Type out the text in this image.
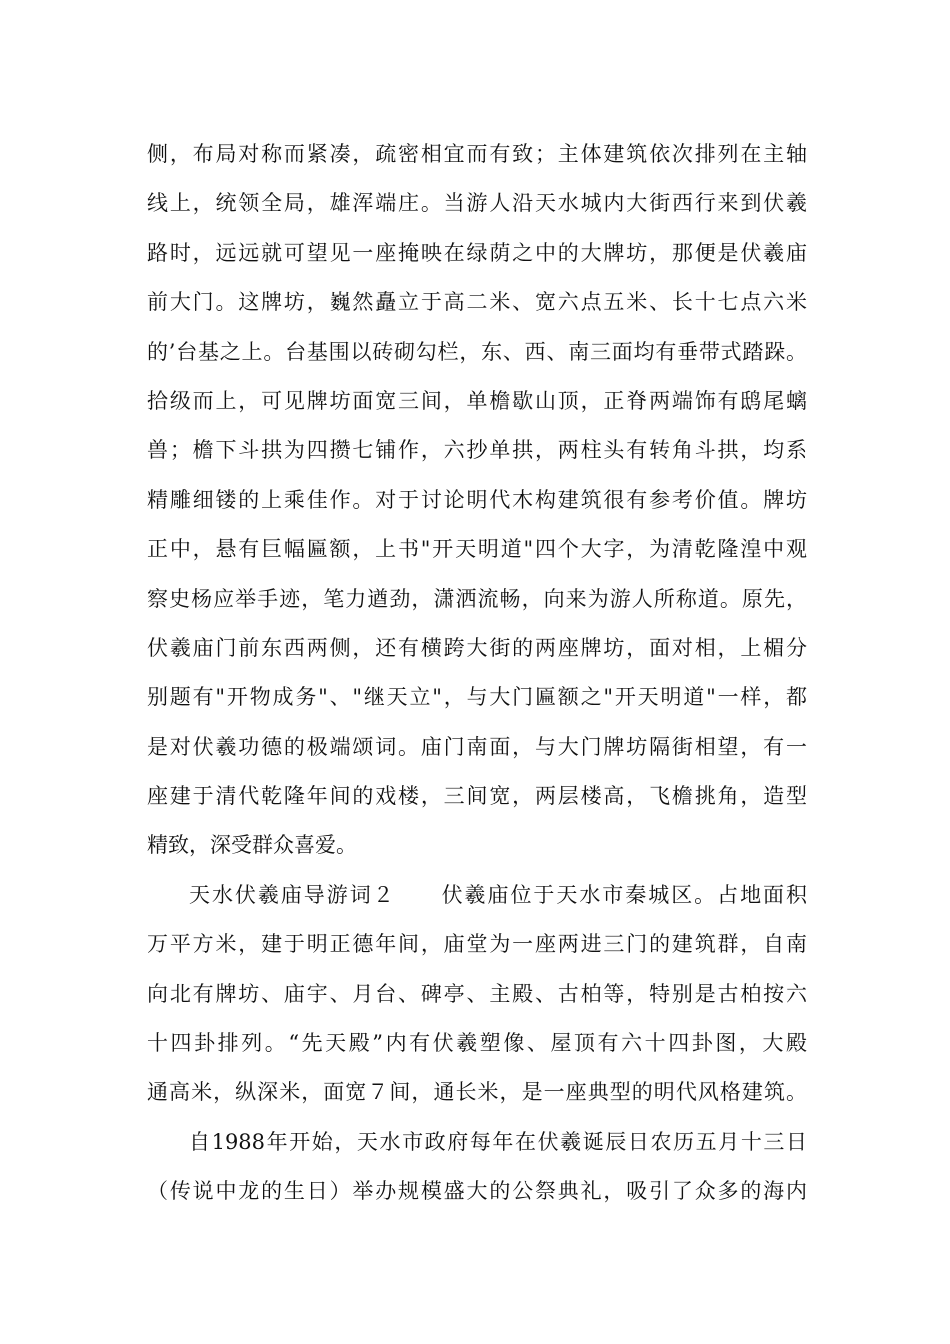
侧，布局对称而紧凑，疏密相宜而有致；主体建筑依次排列在主轴
线上，统领全局，雄浑端庄。当游人沿天水城内大街西行来到伏羲
路时，远远就可望见一座掩映在绿荫之中的大牌坊，那便是伏羲庙
前大门。这牌坊，巍然矗立于高二米、宽六点五米、长十七点六米
的’台基之上。台基围以砖砌勾栏，东、西、南三面均有垂带式踏跺。
拾级而上，可见牌坊面宽三间，单檐歇山顶，正脊两端饰有鸱尾螭
兽；檐下斗拱为四攒七铺作，六抄单拱，两柱头有转角斗拱，均系
精雕细镂的上乘佳作。对于讨论明代木构建筑很有参考价值。牌坊
正中，悬有巨幅匾额，上书"开天明道"四个大字，为清乾隆湟中观
察史杨应举手迹，笔力遒劲，潇洒流畅，向来为游人所称道。原先，
伏羲庙门前东西两侧，还有横跨大街的两座牌坊，面对相，上楣分
别题有"开物成务"、"继天立"，与大门匾额之"开天明道"一样，都
是对伏羲功德的极端颂词。庙门南面，与大门牌坊隔街相望，有一
座建于清代乾隆年间的戏楼，三间宽，两层楼高，飞檐挑角，造型
精致，深受群众喜爱。
天水伏羲庙导游词２　　伏羲庙位于天水市秦城区。占地面积
万平方米，建于明正德年间，庙堂为一座两进三门的建筑群，自南
向北有牌坊、庙宇、月台、碑亭、主殿、古柏等，特别是古柏按六
十四卦排列。“先天殿”内有伏羲塑像、屋顶有六十四卦图，大殿
通高米，纵深米，面宽７间，通长米，是一座典型的明代风格建筑。
自1988年开始，天水市政府每年在伏羲诞辰日农历五月十三日
（传说中龙的生日）举办规模盛大的公祭典礼，吸引了众多的海内
